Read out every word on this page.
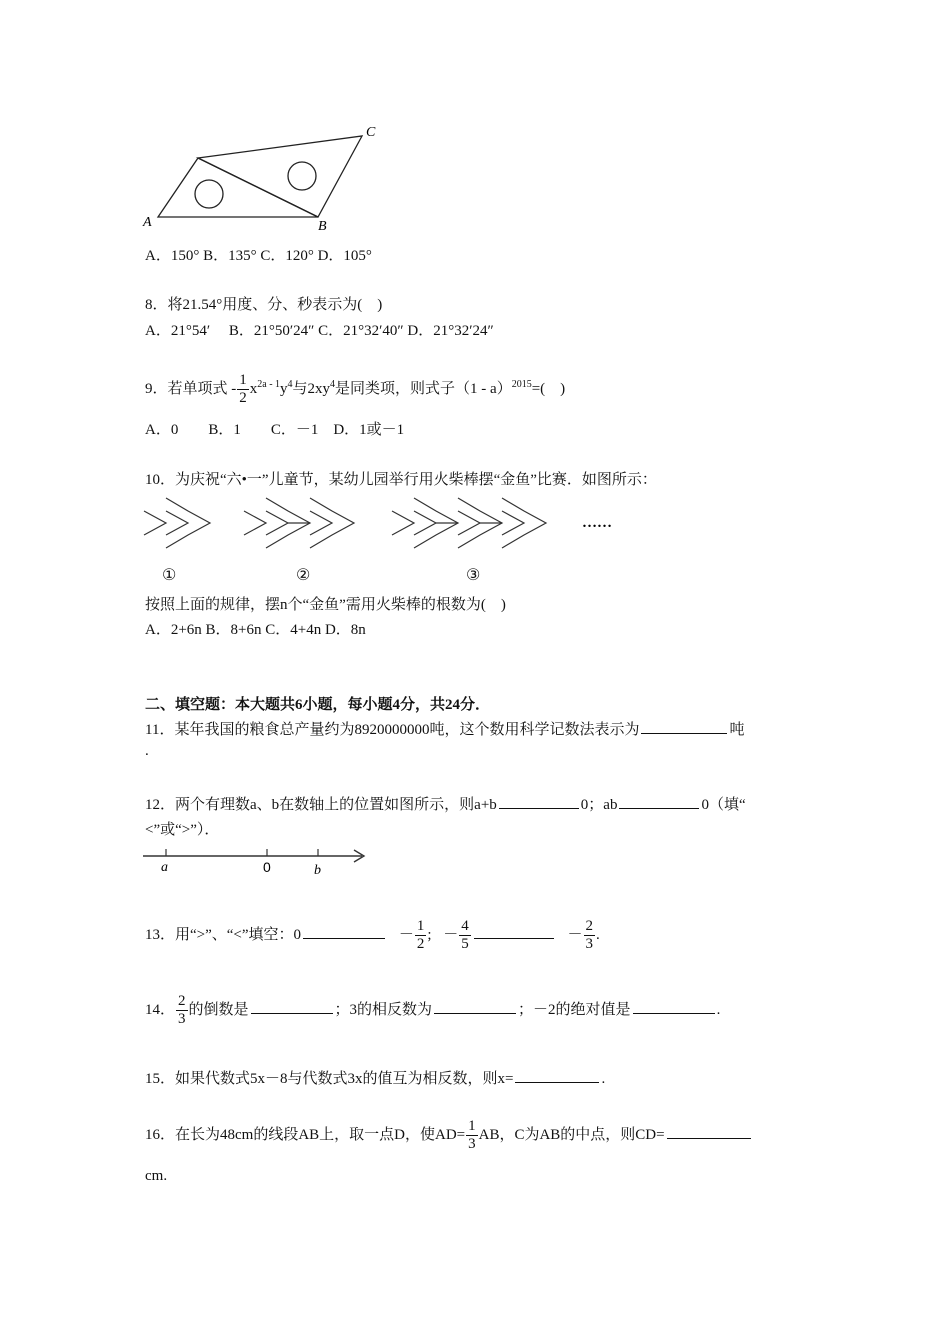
A	B
C
A．150° B．135° C．120° D．105°
8．将21.54°用度、分、秒表示为(　)
A．21°54′　 B．21°50′24″ C．21°32′40″ D．21°32′24″
9．若单项式 - $\frac{1}{2} x^{2a - 1}y^4$与$2xy^4$是同类项，则式子（1 - a）$^{2015}$=(　)
A．0　　B．1　　C．－1　D．1或－1
10．为庆祝“六•一”儿童节，某幼儿园举行用火柴棒摆“金鱼”比赛．如图所示：
……
①	②	③
按照上面的规律，摆n个“金鱼”需用火柴棒的根数为(　)
A．2+6n B．8+6n C．4+4n D．8n
二、填空题：本大题共6小题，每小题4分，共24分．
11．某年我国的粮食总产量约为8920000000吨，这个数用科学记数法表示为	吨
.
12．两个有理数a、b在数轴上的位置如图所示，则a+b	0；ab	0（填“
<”或“>”）．
a	0	b
13．用“>”、“<”填空：0	－ $\frac{1}{2}$ ; － $\frac{4}{5}$	－ $\frac{2}{3}$ .
14． $\frac{2}{3}$ 的倒数是	；3的相反数为	；－2的绝对值是	.
15．如果代数式5x－8与代数式3x的值互为相反数，则x=	.
16．在长为48cm的线段AB上，取一点D，使$AD= \frac{1}{3}$ AB，C为AB的中点，则CD=
cm.
